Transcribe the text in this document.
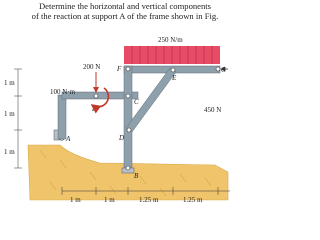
Determine the horizontal and vertical components
of the reaction at support A of the frame shown in Fig.
A
250 N/m
F
E
G
C
D
B
H
200 N
100 N·m
450 N
1 m
1 m
1 m
1 m	1 m	1.25 m	1.25 m
